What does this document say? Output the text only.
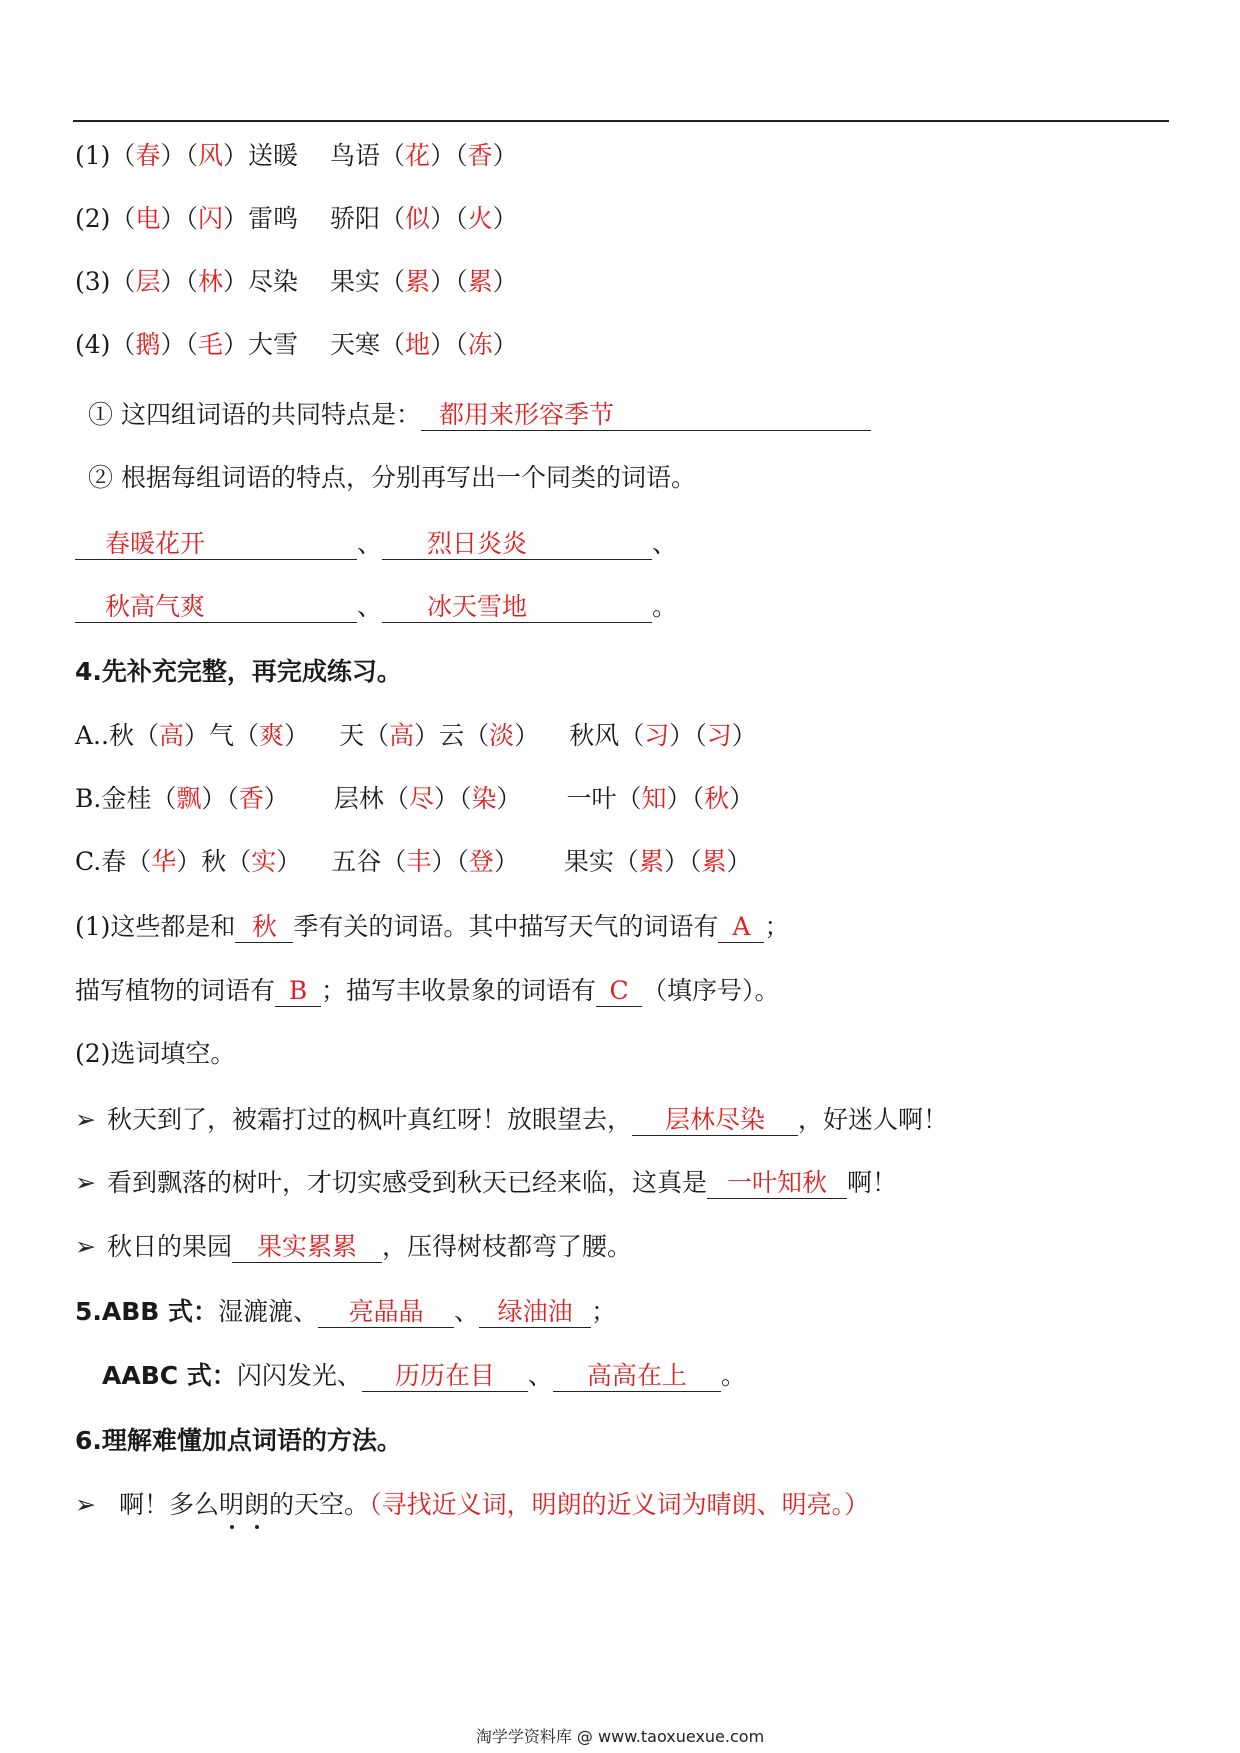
(1)（春）（风）送暖 鸟语（花）（香）
(2)（电）（闪）雷鸣 骄阳（似）（火）
(3)（层）（林）尽染 果实（累）（累）
(4)（鹅）（毛）大雪 天寒（地）（冻）
① 这四组词语的共同特点是： 都用来形容季节
② 根据每组词语的特点，分别再写出一个同类的词语。
春暖花开	、 烈日炎炎	、
秋高气爽	、 冰天雪地	。
4.先补充完整，再完成练习。
A..秋（高）气（爽） 天（高）云（淡） 秋风（习）（习）
B.金桂（飘）（香） 层林（尽）（染） 一叶（知）（秋）
C.春（华）秋（实） 五谷（丰）（登） 果实（累）（累）
(1)这些都是和 秋 季有关的词语。其中描写天气的词语有 A ；
描写植物的词语有 B ；描写丰收景象的词语有 C （填序号）。
(2)选词填空。
➢ 秋天到了，被霜打过的枫叶真红呀！放眼望去， 层林尽染 ，好迷人啊！
➢ 看到飘落的树叶，才切实感受到秋天已经来临，这真是 一叶知秋 啊！
➢ 秋日的果园 果实累累 ，压得树枝都弯了腰。
5.ABB 式：湿漉漉、 亮晶晶 、 绿油油 ；
AABC 式：闪闪发光、 历历在目 、 高高在上 。
6.理解难懂加点词语的方法。
➢ 啊！多么明朗的天空。（寻找近义词，明朗的近义词为晴朗、明亮。）
淘学学资料库 @ www.taoxuexue.com
